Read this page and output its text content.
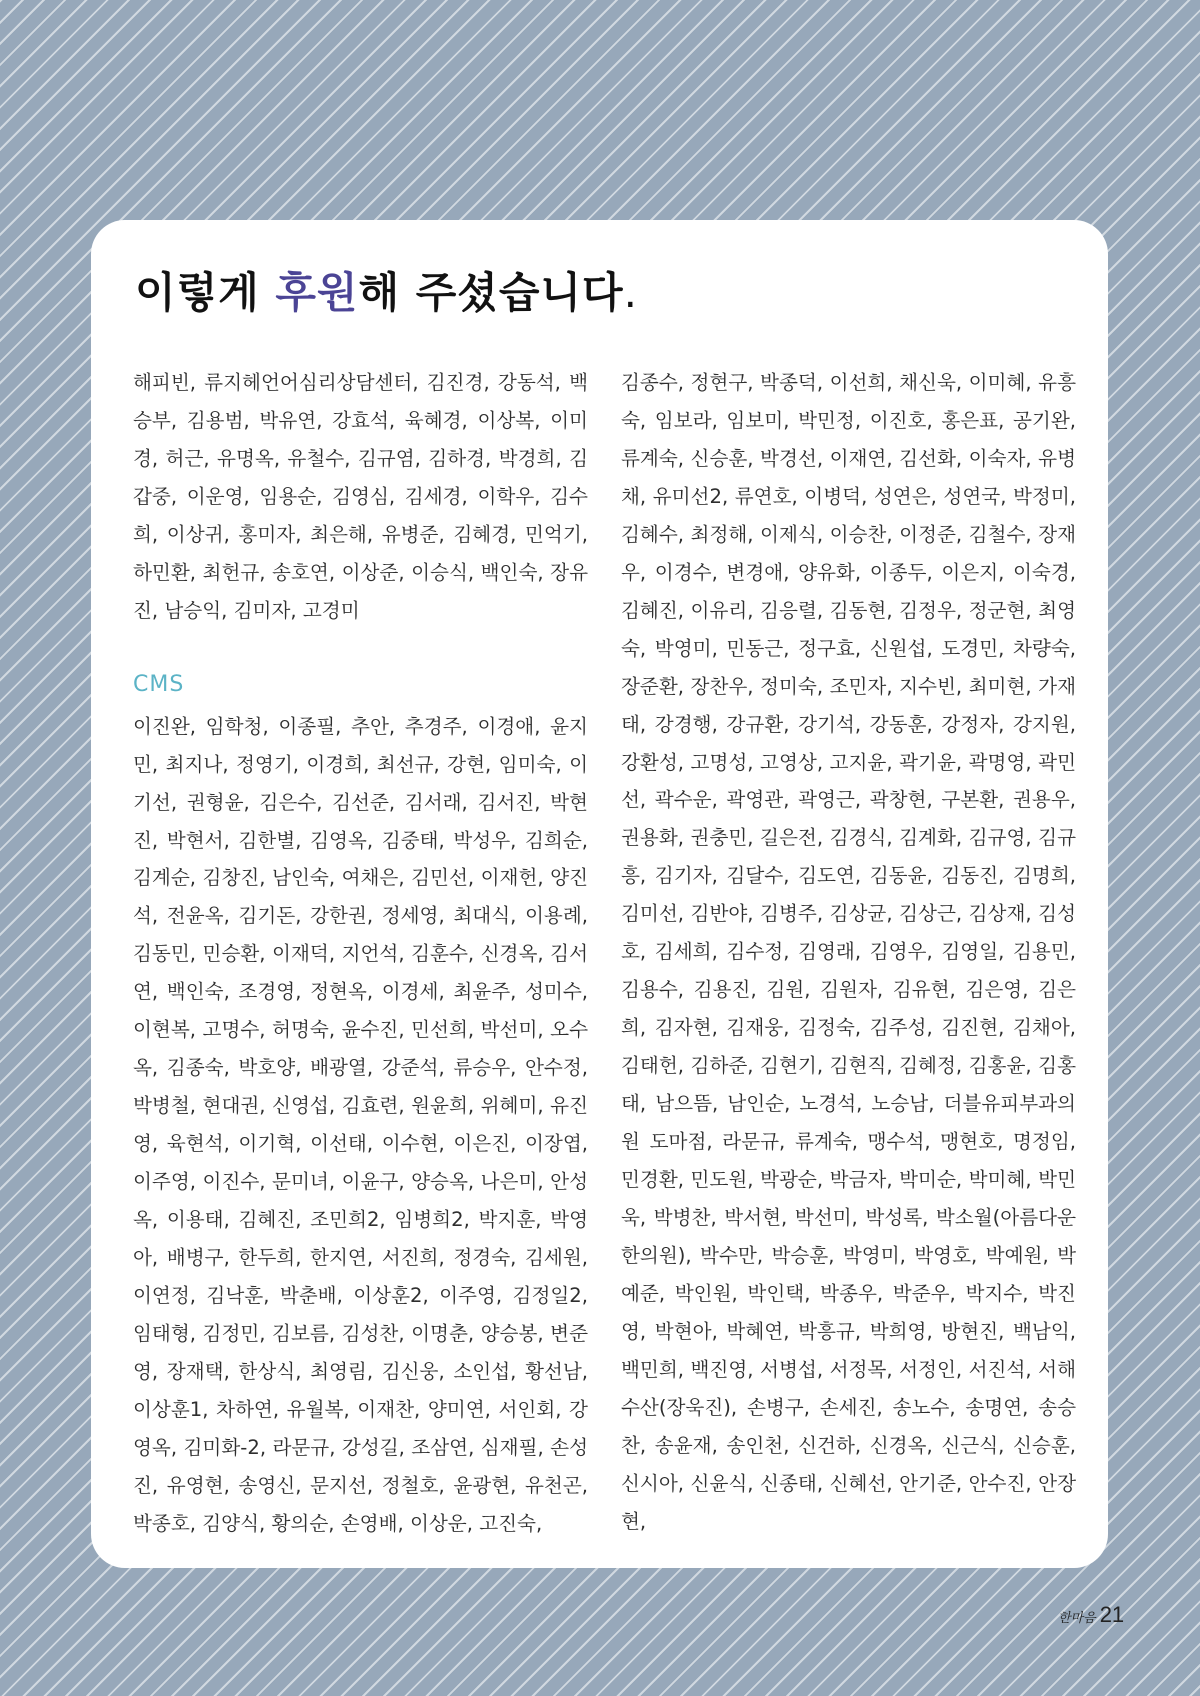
이렇게 후원해 주셨습니다.

해피빈, 류지헤언어심리상담센터, 김진경, 강동석, 백승부, 김용범, 박유연, 강효석, 육혜경, 이상복, 이미경, 허근, 유명옥, 유철수, 김규염, 김하경, 박경희, 김갑중, 이운영, 임용순, 김영심, 김세경, 이학우, 김수희, 이상귀, 홍미자, 최은해, 유병준, 김혜경, 민억기, 하민환, 최헌규, 송호연, 이상준, 이승식, 백인숙, 장유진, 남승익, 김미자, 고경미

CMS

이진완, 임학청, 이종필, 추안, 추경주, 이경애, 윤지민, 최지나, 정영기, 이경희, 최선규, 강현, 임미숙, 이기선, 권형윤, 김은수, 김선준, 김서래, 김서진, 박현진, 박현서, 김한별, 김영옥, 김중태, 박성우, 김희순, 김계순, 김창진, 남인숙, 여채은, 김민선, 이재헌, 양진석, 전윤옥, 김기돈, 강한권, 정세영, 최대식, 이용례, 김동민, 민승환, 이재덕, 지언석, 김훈수, 신경옥, 김서연, 백인숙, 조경영, 정현옥, 이경세, 최윤주, 성미수, 이현복, 고명수, 허명숙, 윤수진, 민선희, 박선미, 오수옥, 김종숙, 박호양, 배광열, 강준석, 류승우, 안수정, 박병철, 현대권, 신영섭, 김효련, 원윤희, 위혜미, 유진영, 육현석, 이기혁, 이선태, 이수현, 이은진, 이장엽, 이주영, 이진수, 문미녀, 이윤구, 양승옥, 나은미, 안성옥, 이용태, 김혜진, 조민희2, 임병희2, 박지훈, 박영아, 배병구, 한두희, 한지연, 서진희, 정경숙, 김세원, 이연정, 김낙훈, 박춘배, 이상훈2, 이주영, 김정일2, 임태형, 김정민, 김보름, 김성찬, 이명춘, 양승봉, 변준영, 장재택, 한상식, 최영림, 김신웅, 소인섭, 황선남, 이상훈1, 차하연, 유월복, 이재찬, 양미연, 서인회, 강영옥, 김미화-2, 라문규, 강성길, 조삼연, 심재필, 손성진, 유영현, 송영신, 문지선, 정철호, 윤광현, 유천곤, 박종호, 김양식, 황의순, 손영배, 이상운, 고진숙,

김종수, 정현구, 박종덕, 이선희, 채신욱, 이미혜, 유흥숙, 임보라, 임보미, 박민정, 이진호, 홍은표, 공기완, 류계숙, 신승훈, 박경선, 이재연, 김선화, 이숙자, 유병채, 유미선2, 류연호, 이병덕, 성연은, 성연국, 박정미, 김혜수, 최정해, 이제식, 이승찬, 이정준, 김철수, 장재우, 이경수, 변경애, 양유화, 이종두, 이은지, 이숙경, 김혜진, 이유리, 김응렬, 김동현, 김정우, 정군현, 최영숙, 박영미, 민동근, 정구효, 신원섭, 도경민, 차량숙, 장준환, 장찬우, 정미숙, 조민자, 지수빈, 최미현, 가재태, 강경행, 강규환, 강기석, 강동훈, 강정자, 강지원, 강환성, 고명성, 고영상, 고지윤, 곽기윤, 곽명영, 곽민선, 곽수운, 곽영관, 곽영근, 곽창현, 구본환, 권용우, 권용화, 권충민, 길은전, 김경식, 김계화, 김규영, 김규흥, 김기자, 김달수, 김도연, 김동윤, 김동진, 김명희, 김미선, 김반야, 김병주, 김상균, 김상근, 김상재, 김성호, 김세희, 김수정, 김영래, 김영우, 김영일, 김용민, 김용수, 김용진, 김원, 김원자, 김유현, 김은영, 김은희, 김자현, 김재웅, 김정숙, 김주성, 김진현, 김채아, 김태헌, 김하준, 김현기, 김현직, 김혜정, 김홍윤, 김홍태, 남으뜸, 남인순, 노경석, 노승남, 더블유피부과의원 도마점, 라문규, 류계숙, 맹수석, 맹현호, 명정임, 민경환, 민도원, 박광순, 박금자, 박미순, 박미혜, 박민욱, 박병찬, 박서현, 박선미, 박성록, 박소월(아름다운한의원), 박수만, 박승훈, 박영미, 박영호, 박예원, 박예준, 박인원, 박인택, 박종우, 박준우, 박지수, 박진영, 박현아, 박혜연, 박흥규, 박희영, 방현진, 백남익, 백민희, 백진영, 서병섭, 서정목, 서정인, 서진석, 서해수산(장욱진), 손병구, 손세진, 송노수, 송명연, 송승찬, 송윤재, 송인천, 신건하, 신경옥, 신근식, 신승훈, 신시아, 신윤식, 신종태, 신혜선, 안기준, 안수진, 안장현,

한마음 21
